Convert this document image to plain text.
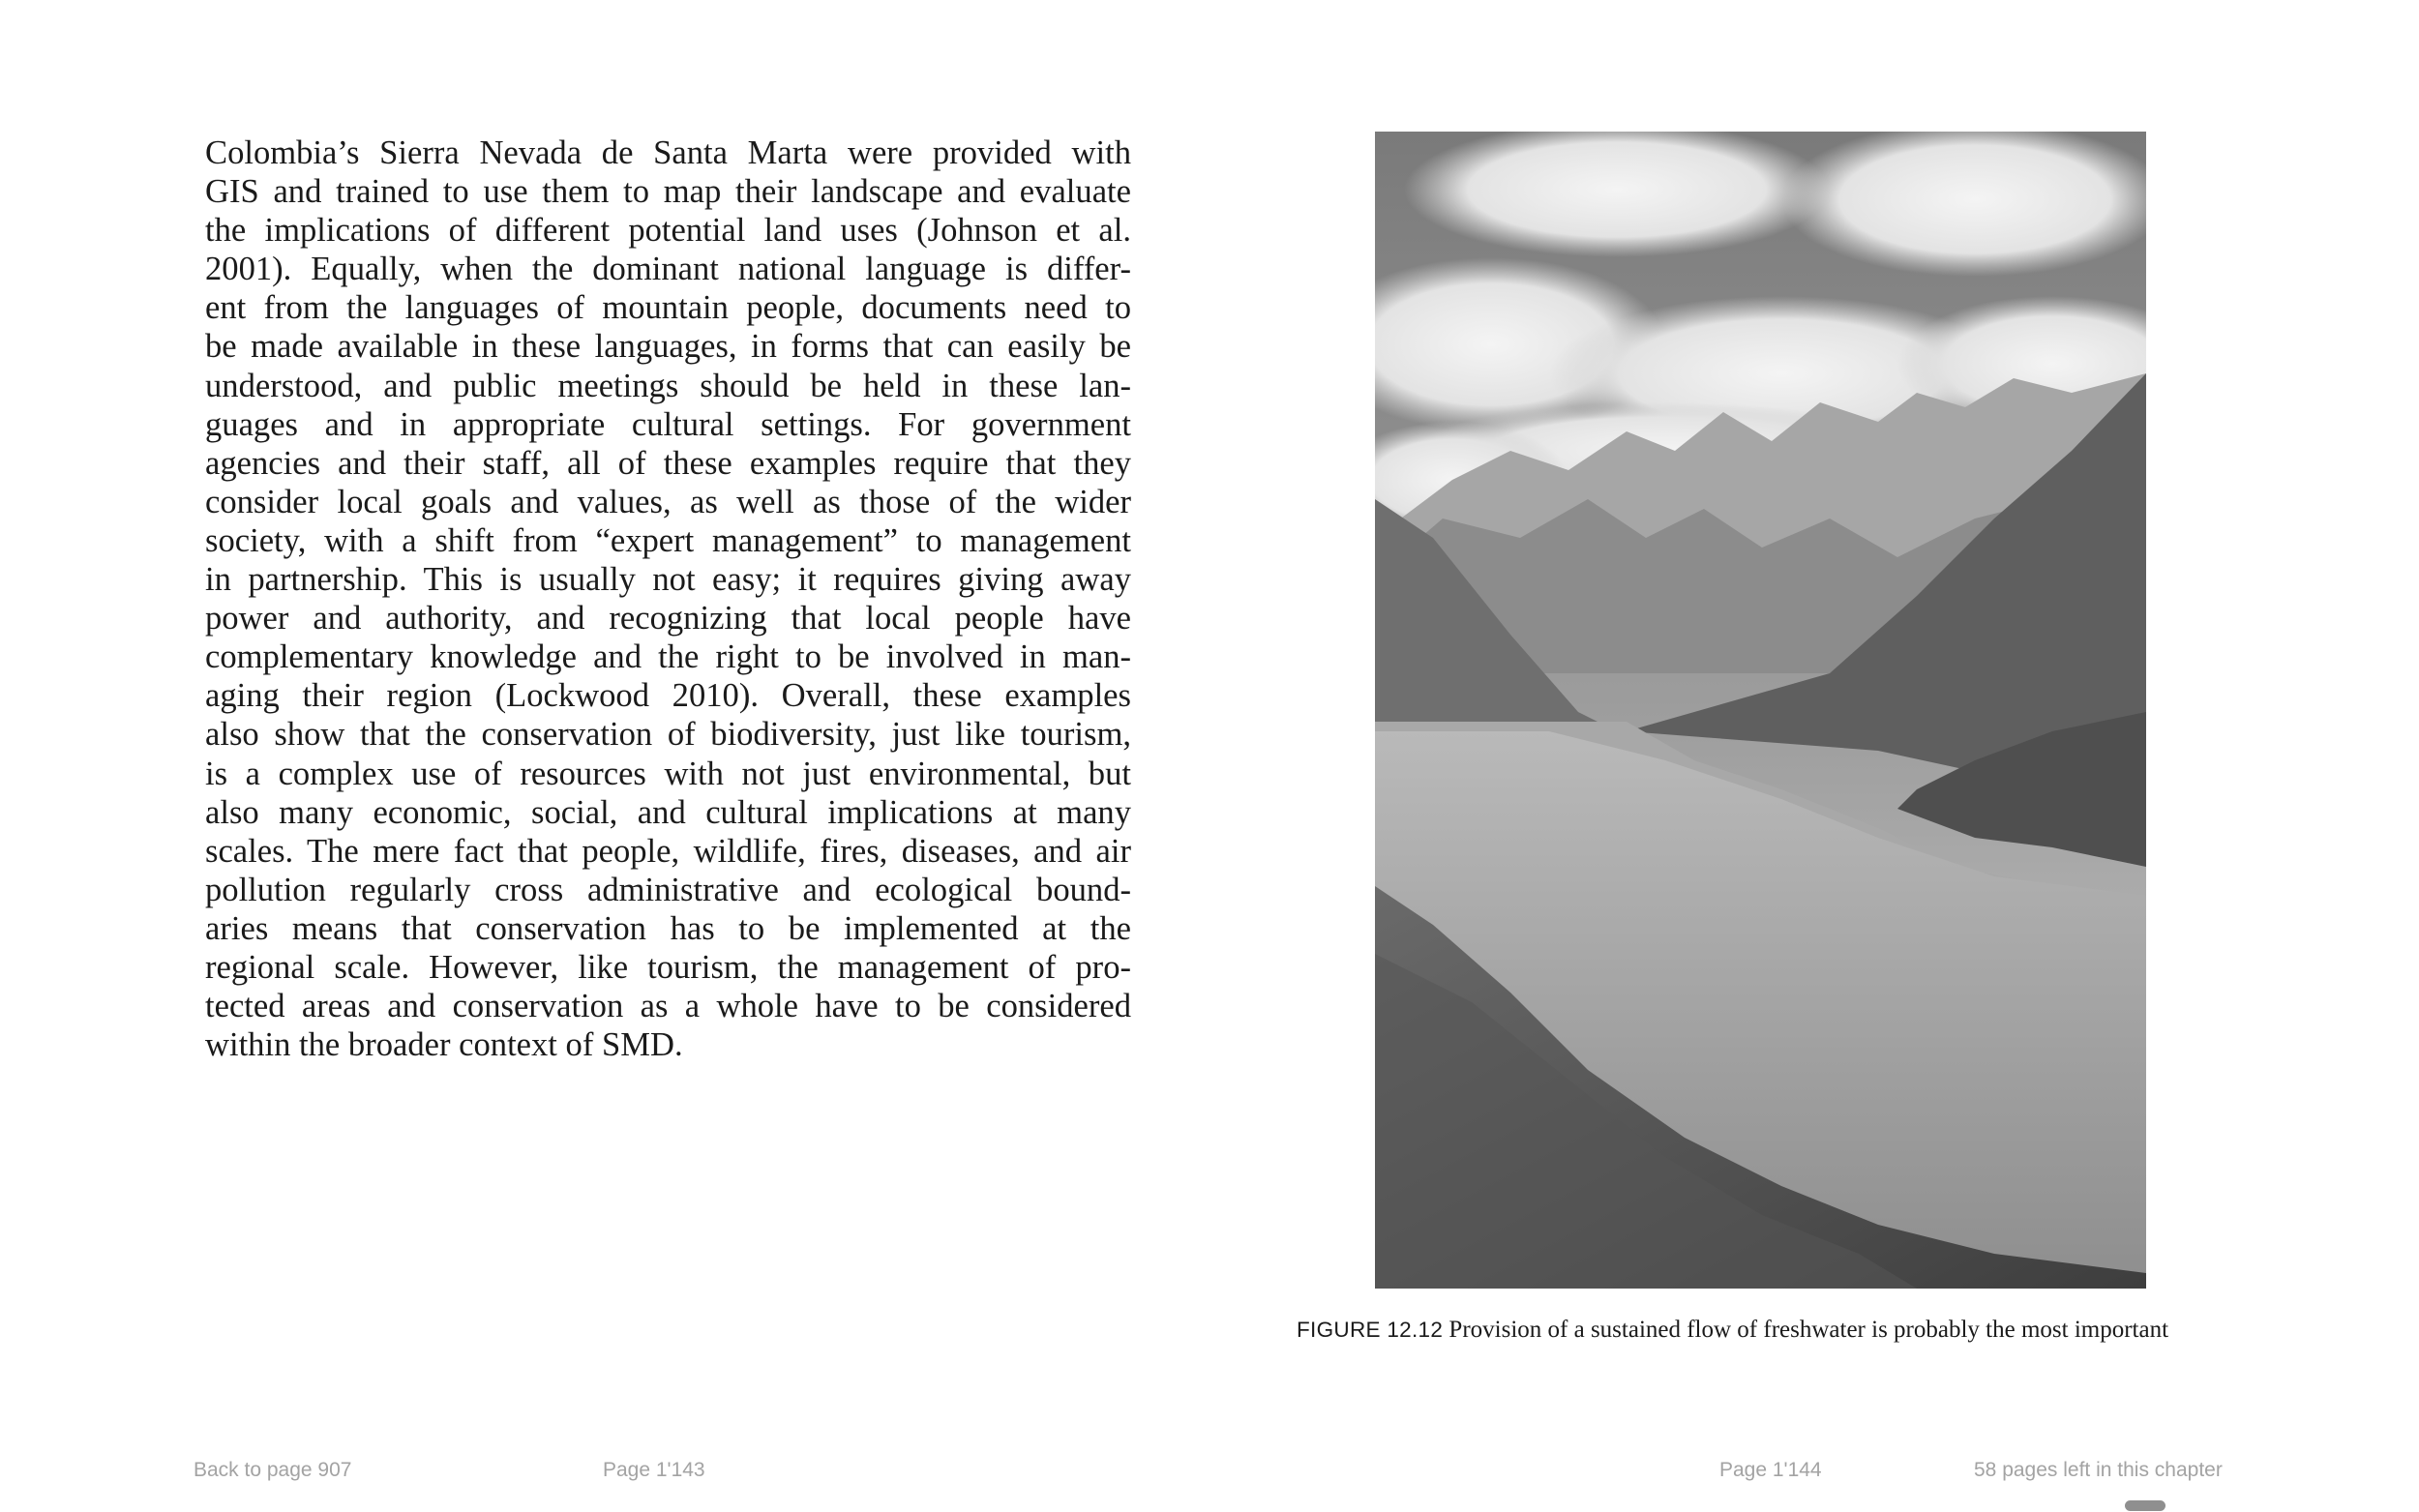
Colombia’s Sierra Nevada de Santa Marta were provided with
GIS and trained to use them to map their landscape and evaluate
the implications of different potential land uses (Johnson et al.
2001). Equally, when the dominant national language is differ-
ent from the languages of mountain people, documents need to
be made available in these languages, in forms that can easily be
understood, and public meetings should be held in these lan-
guages and in appropriate cultural settings. For government
agencies and their staff, all of these examples require that they
consider local goals and values, as well as those of the wider
society, with a shift from “expert management” to management
in partnership. This is usually not easy; it requires giving away
power and authority, and recognizing that local people have
complementary knowledge and the right to be involved in man-
aging their region (Lockwood 2010). Overall, these examples
also show that the conservation of biodiversity, just like tourism,
is a complex use of resources with not just environmental, but
also many economic, social, and cultural implications at many
scales. The mere fact that people, wildlife, fires, diseases, and air
pollution regularly cross administrative and ecological bound-
aries means that conservation has to be implemented at the
regional scale. However, like tourism, the management of pro-
tected areas and conservation as a whole have to be considered
within the broader context of SMD.
Back to page 907	Page 1'143
FIGURE 12.12 Provision of a sustained flow of freshwater is probably the most important
Page 1'144	58 pages left in this chapter
